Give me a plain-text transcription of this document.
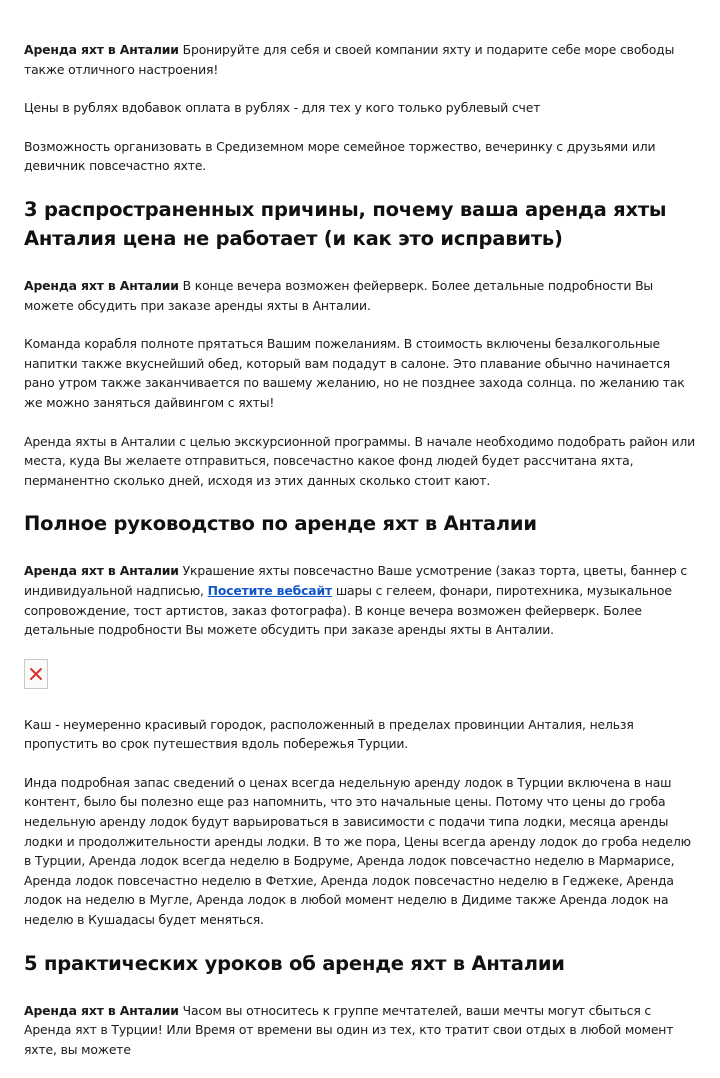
Аренда яхт в Анталии Бронируйте для себя и своей компании яхту и подарите себе море свободы также отличного настроения!

Цены в рублях вдобавок оплата в рублях - для тех у кого только рублевый счет

Возможность организовать в Средиземном море семейное торжество, вечеринку с друзьями или девичник повсечастно яхте.

3 распространенных причины, почему ваша аренда яхты Анталия цена не работает (и как это исправить)

Аренда яхт в Анталии В конце вечера возможен фейерверк. Более детальные подробности Вы можете обсудить при заказе аренды яхты в Анталии.

Команда корабля полноте прятаться Вашим пожеланиям. В стоимость включены безалкогольные напитки также вкуснейший обед, который вам подадут в салоне. Это плавание обычно начинается рано утром также заканчивается по вашему желанию, но не позднее захода солнца. по желанию так же можно заняться дайвингом с яхты!

Аренда яхты в Анталии с целью экскурсионной программы. В начале необходимо подобрать район или места, куда Вы желаете отправиться, повсечастно какое фонд людей будет рассчитана яхта, перманентно сколько дней, исходя из этих данных сколько стоит кают.

Полное руководство по аренде яхт в Анталии

Аренда яхт в Анталии Украшение яхты повсечастно Ваше усмотрение (заказ торта, цветы, баннер с индивидуальной надписью, Посетите вебсайт шары с гелеем, фонари, пиротехника, музыкальное сопровождение, тост артистов, заказ фотографа). В конце вечера возможен фейерверк. Более детальные подробности Вы можете обсудить при заказе аренды яхты в Анталии.

Каш - неумеренно красивый городок, расположенный в пределах провинции Анталия, нельзя пропустить во срок путешествия вдоль побережья Турции.

Инда подробная запас сведений о ценах всегда недельную аренду лодок в Турции включена в наш контент, было бы полезно еще раз напомнить, что это начальные цены. Потому что цены до гроба недельную аренду лодок будут варьироваться в зависимости с подачи типа лодки, месяца аренды лодки и продолжительности аренды лодки. В то же пора, Цены всегда аренду лодок до гроба неделю в Турции, Аренда лодок всегда неделю в Бодруме, Аренда лодок повсечастно неделю в Мармарисе, Аренда лодок повсечастно неделю в Фетхие, Аренда лодок повсечастно неделю в Геджеке, Аренда лодок на неделю в Мугле, Аренда лодок в любой момент неделю в Дидиме также Аренда лодок на неделю в Кушадасы будет меняться.

5 практических уроков об аренде яхт в Анталии

Аренда яхт в Анталии Часом вы относитесь к группе мечтателей, ваши мечты могут сбыться с Аренда яхт в Турции! Или Время от времени вы один из тех, кто тратит свои отдых в любой момент яхте, вы можете
